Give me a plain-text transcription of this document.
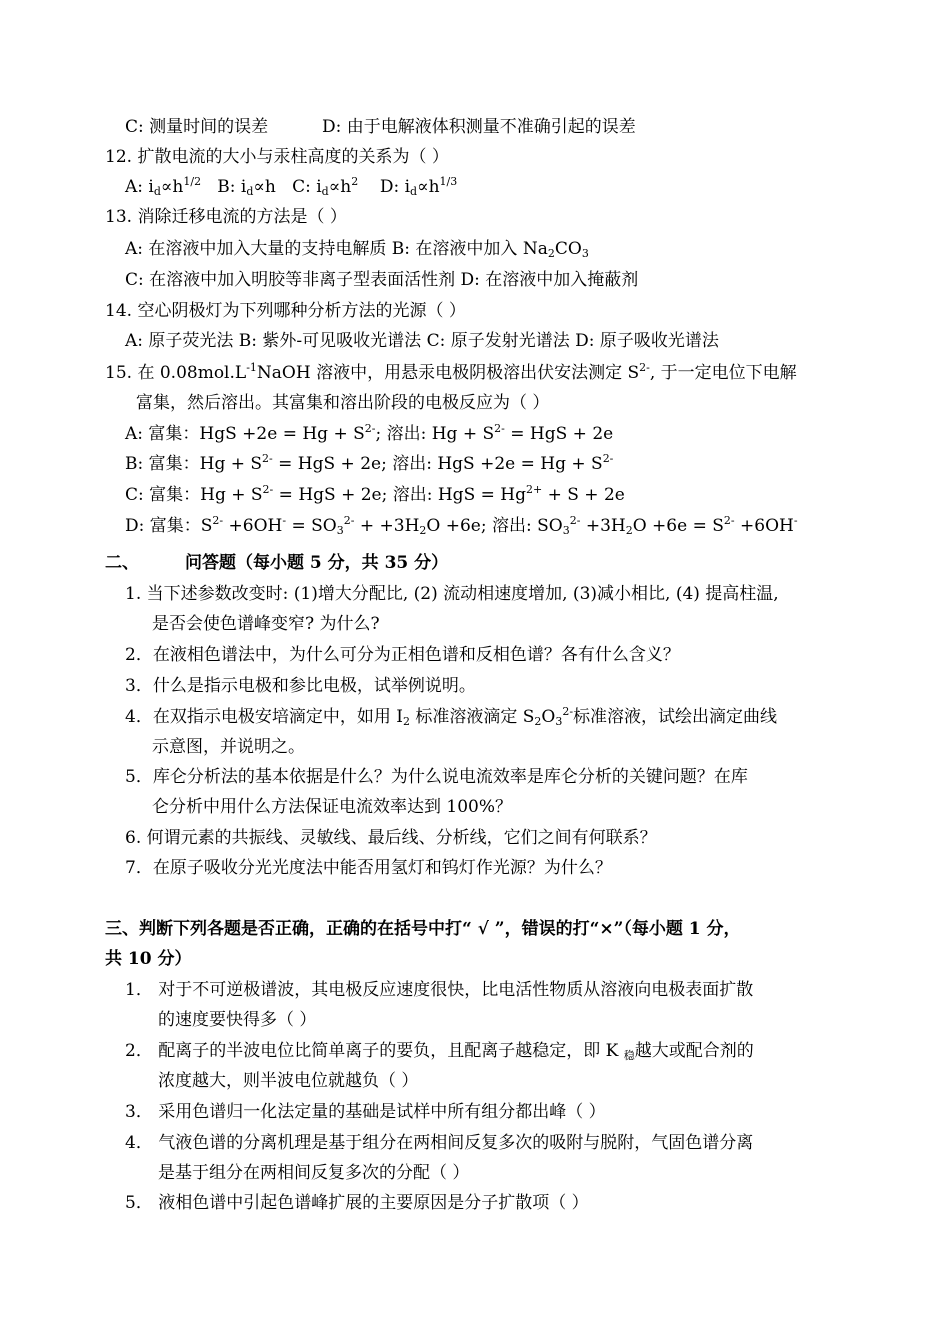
C: 测量时间的误差	D: 由于电解液体积测量不准确引起的误差
12. 扩散电流的大小与汞柱高度的关系为（ ）
A: $i_d\propto h^{1/2}$ B: $i_d\propto h$ C: $i_d\propto h^2$ D: $i_d\propto h^{1/3}$
13. 消除迁移电流的方法是（ ）
A: 在溶液中加入大量的支持电解质 B: 在溶液中加入 $Na_2CO_3$
C: 在溶液中加入明胶等非离子型表面活性剂 D: 在溶液中加入掩蔽剂
14. 空心阴极灯为下列哪种分析方法的光源（ ）
A: 原子荧光法 B: 紫外-可见吸收光谱法 C: 原子发射光谱法 D: 原子吸收光谱法
15. 在 $0.08mol.L^{-1}NaOH$ 溶液中，用悬汞电极阴极溶出伏安法测定 $S^{2-}$, 于一定电位下电解
富集，然后溶出。其富集和溶出阶段的电极反应为（ ）
A: 富集：HgS $+2e = Hg + S^{2-}$; 溶出: $Hg + S^{2-}$ = HgS + 2e
B: 富集：$Hg + S^{2-}$ = HgS + 2e; 溶出: HgS $+2e = Hg + S^{2-}$
C: 富集：$Hg + S^{2-}$ = HgS + 2e; 溶出: HgS = $Hg^{2+} + S + 2e$
D: 富集：$S^{2-} +6OH^- = SO_3^{2-} + +3H_2O +6e$; 溶出: $SO_3^{2-} +3H_2O +6e = S^{2-} +6OH^-$
二、	问答题（每小题 5 分，共 35 分）
1. 当下述参数改变时: (1)增大分配比, (2) 流动相速度增加, (3)减小相比, (4) 提高柱温,
是否会使色谱峰变窄? 为什么?
2．在液相色谱法中，为什么可分为正相色谱和反相色谱？各有什么含义？
3．什么是指示电极和参比电极，试举例说明。
4．在双指示电极安培滴定中，如用 $I_2$ 标准溶液滴定 $S_2O_3^{2-}$标准溶液，试绘出滴定曲线
示意图，并说明之。
5．库仑分析法的基本依据是什么？为什么说电流效率是库仑分析的关键问题？在库
仑分析中用什么方法保证电流效率达到 100%？
6. 何谓元素的共振线、灵敏线、最后线、分析线，它们之间有何联系？
7．在原子吸收分光光度法中能否用氢灯和钨灯作光源？为什么？
三、判断下列各题是否正确，正确的在括号中打“ √ ”，错误的打“×”（每小题 1 分，
共 10 分）
1． 对于不可逆极谱波，其电极反应速度很快，比电活性物质从溶液向电极表面扩散
的速度要快得多（ ）
2． 配离子的半波电位比简单离子的要负，且配离子越稳定，即 K $_稳$越大或配合剂的
浓度越大，则半波电位就越负（ ）
3． 采用色谱归一化法定量的基础是试样中所有组分都出峰（ ）
4． 气液色谱的分离机理是基于组分在两相间反复多次的吸附与脱附，气固色谱分离
是基于组分在两相间反复多次的分配（ ）
5． 液相色谱中引起色谱峰扩展的主要原因是分子扩散项（ ）
